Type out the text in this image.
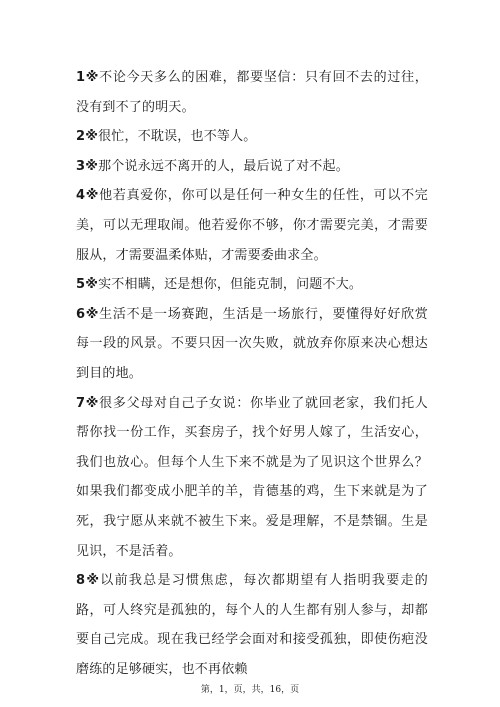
1※不论今天多么的困难，都要坚信：只有回不去的过往，没有到不了的明天。

2※很忙，不耽误，也不等人。

3※那个说永远不离开的人，最后说了对不起。

4※他若真爱你，你可以是任何一种女生的任性，可以不完美，可以无理取闹。他若爱你不够，你才需要完美，才需要服从，才需要温柔体贴，才需要委曲求全。

5※实不相瞒，还是想你，但能克制，问题不大。

6※生活不是一场赛跑，生活是一场旅行，要懂得好好欣赏每一段的风景。不要只因一次失败，就放弃你原来决心想达到目的地。

7※很多父母对自己子女说：你毕业了就回老家，我们托人帮你找一份工作，买套房子，找个好男人嫁了，生活安心，我们也放心。但每个人生下来不就是为了见识这个世界么？如果我们都变成小肥羊的羊，肯德基的鸡，生下来就是为了死，我宁愿从来就不被生下来。爱是理解，不是禁锢。生是见识，不是活着。

8※以前我总是习惯焦虑，每次都期望有人指明我要走的路，可人终究是孤独的，每个人的人生都有别人参与，却都要自己完成。现在我已经学会面对和接受孤独，即使伤疤没磨练的足够硬实，也不再依赖

第，1，页，共，16，页
